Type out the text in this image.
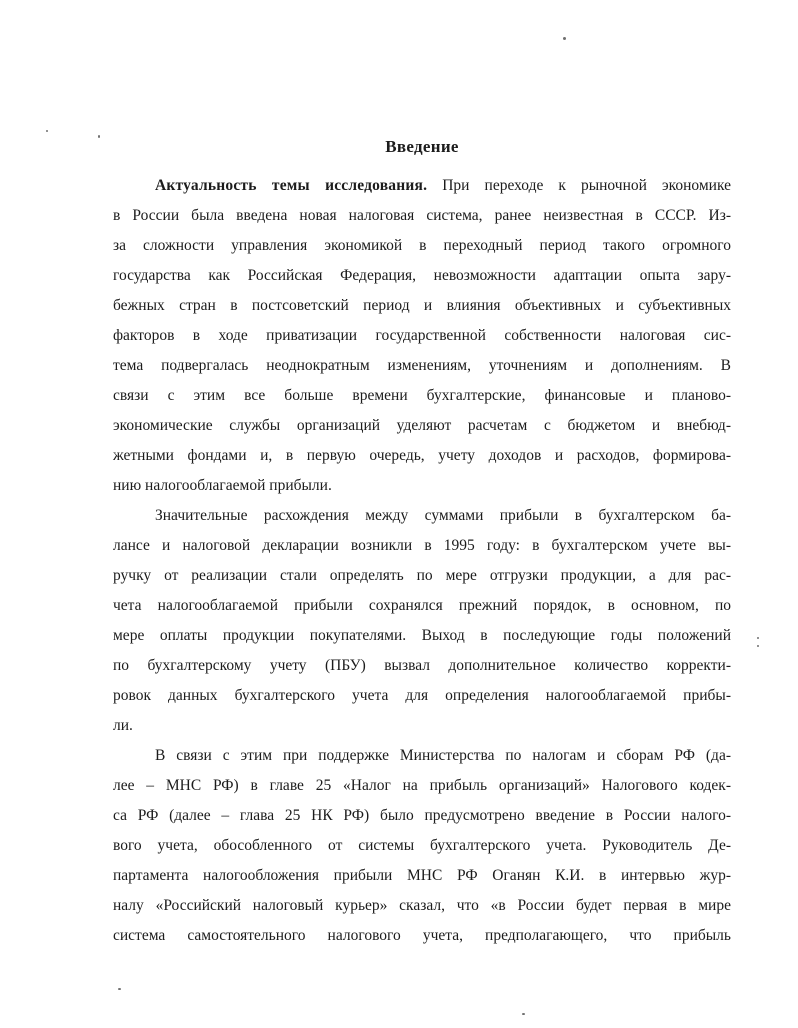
Введение
Актуальность темы исследования. При переходе к рыночной экономике
в России была введена новая налоговая система, ранее неизвестная в СССР. Из-
за сложности управления экономикой в переходный период такого огромного
государства как Российская Федерация, невозможности адаптации опыта зару-
бежных стран в постсоветский период и влияния объективных и субъективных
факторов в ходе приватизации государственной собственности налоговая сис-
тема подвергалась неоднократным изменениям, уточнениям и дополнениям. В
связи с этим все больше времени бухгалтерские, финансовые и планово-
экономические службы организаций уделяют расчетам с бюджетом и внебюд-
жетными фондами и, в первую очередь, учету доходов и расходов, формирова-
нию налогооблагаемой прибыли.
Значительные расхождения между суммами прибыли в бухгалтерском ба-
лансе и налоговой декларации возникли в 1995 году: в бухгалтерском учете вы-
ручку от реализации стали определять по мере отгрузки продукции, а для рас-
чета налогооблагаемой прибыли сохранялся прежний порядок, в основном, по
мере оплаты продукции покупателями. Выход в последующие годы положений
по бухгалтерскому учету (ПБУ) вызвал дополнительное количество корректи-
ровок данных бухгалтерского учета для определения налогооблагаемой прибы-
ли.
В связи с этим при поддержке Министерства по налогам и сборам РФ (да-
лее – МНС РФ) в главе 25 «Налог на прибыль организаций» Налогового кодек-
са РФ (далее – глава 25 НК РФ) было предусмотрено введение в России налого-
вого учета, обособленного от системы бухгалтерского учета. Руководитель Де-
партамента налогообложения прибыли МНС РФ Оганян К.И. в интервью жур-
налу «Российский налоговый курьер» сказал, что «в России будет первая в мире
система самостоятельного налогового учета, предполагающего, что прибыль
